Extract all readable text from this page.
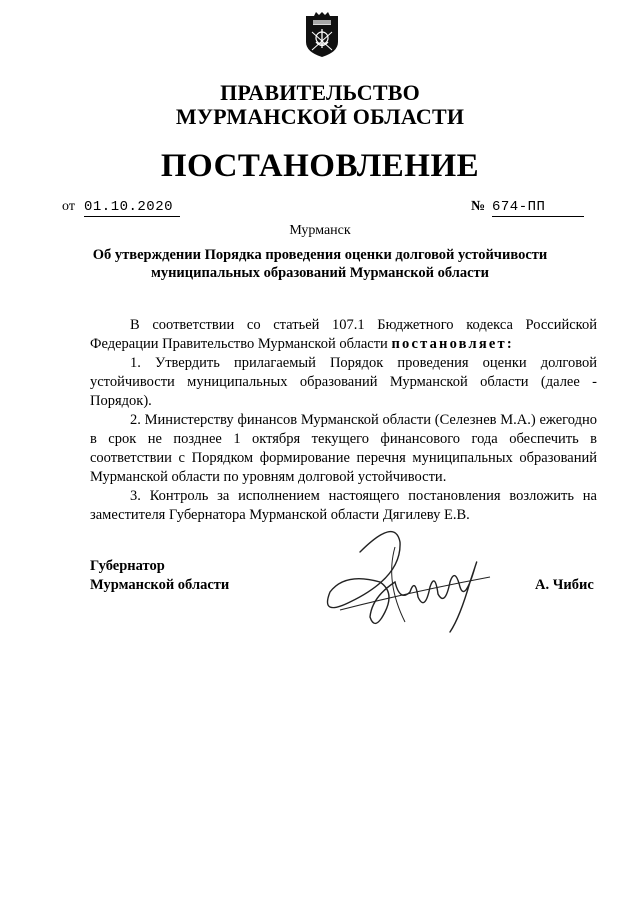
ПРАВИТЕЛЬСТВО
МУРМАНСКОЙ ОБЛАСТИ
ПОСТАНОВЛЕНИЕ
от 01.10.2020	№ 674-ПП
Мурманск
Об утверждении Порядка проведения оценки долговой устойчивости
муниципальных образований Мурманской области

В соответствии со статьей 107.1 Бюджетного кодекса Российской Федерации Правительство Мурманской области постановляет:

1. Утвердить прилагаемый Порядок проведения оценки долговой устойчивости муниципальных образований Мурманской области (далее - Порядок).

2. Министерству финансов Мурманской области (Селезнев М.А.) ежегодно в срок не позднее 1 октября текущего финансового года обеспечить в соответствии с Порядком формирование перечня муниципальных образований Мурманской области по уровням долговой устойчивости.

3. Контроль за исполнением настоящего постановления возложить на заместителя Губернатора Мурманской области Дягилеву Е.В.

Губернатор
Мурманской области	А. Чибис
